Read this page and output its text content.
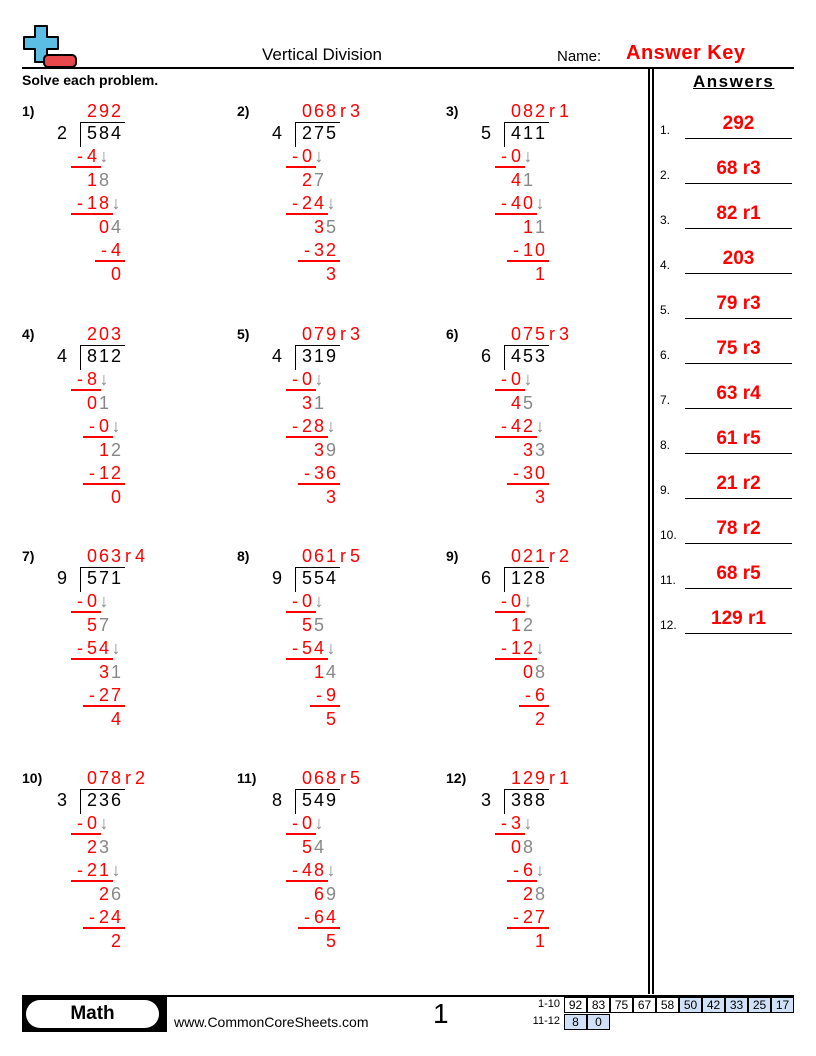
Vertical Division	Name: Answer Key
Solve each problem.	Answers
1)	2 9 2
2 5 8 4
- 4 ↓
1 8
- 1 8 ↓
0 4
- 4
0
2)	0 6 8 r 3
4 2 7 5
- 0 ↓
2 7
- 2 4 ↓
3 5
- 3 2
3
3)	0 8 2 r 1
5 4 1 1
- 0 ↓
4 1
- 4 0 ↓
1 1
- 1 0
1
4)	2 0 3
4 8 1 2
- 8 ↓
0 1
- 0 ↓
1 2
- 1 2
0
5)	0 7 9 r 3
4 3 1 9
- 0 ↓
3 1
- 2 8 ↓
3 9
- 3 6
3
6)	0 7 5 r 3
6 4 5 3
- 0 ↓
4 5
- 4 2 ↓
3 3
- 3 0
3
7)	0 6 3 r 4
9 5 7 1
- 0 ↓
5 7
- 5 4 ↓
3 1
- 2 7
4
8)	0 6 1 r 5
9 5 5 4
- 0 ↓
5 5
- 5 4 ↓
1 4
- 9
5
9)	0 2 1 r 2
6 1 2 8
- 0 ↓
1 2
- 1 2 ↓
0 8
- 6
2
10) 0 7 8 r 2
3 2 3 6
- 0 ↓
2 3
- 2 1 ↓
2 6
- 2 4
2
11)	0 6 8 r 5
8 5 4 9
- 0 ↓
5 4
- 4 8 ↓
6 9
- 6 4
5
12) 1 2 9 r 1
3 3 8 8
- 3 ↓
0 8
- 6 ↓
2 8
- 2 7
1
1.	292
2.	68 r3
3.	82 r1
4.	203
5.	79 r3
6.	75 r3
7.	63 r4
8.	61 r5
9.	21 r2
10.	78 r2
11.	68 r5
12.	129 r1
Math	www.CommonCoreSheets.com 1	1-10 92 83 75 67 58 50 42 33 25 17
11-12	8	0
